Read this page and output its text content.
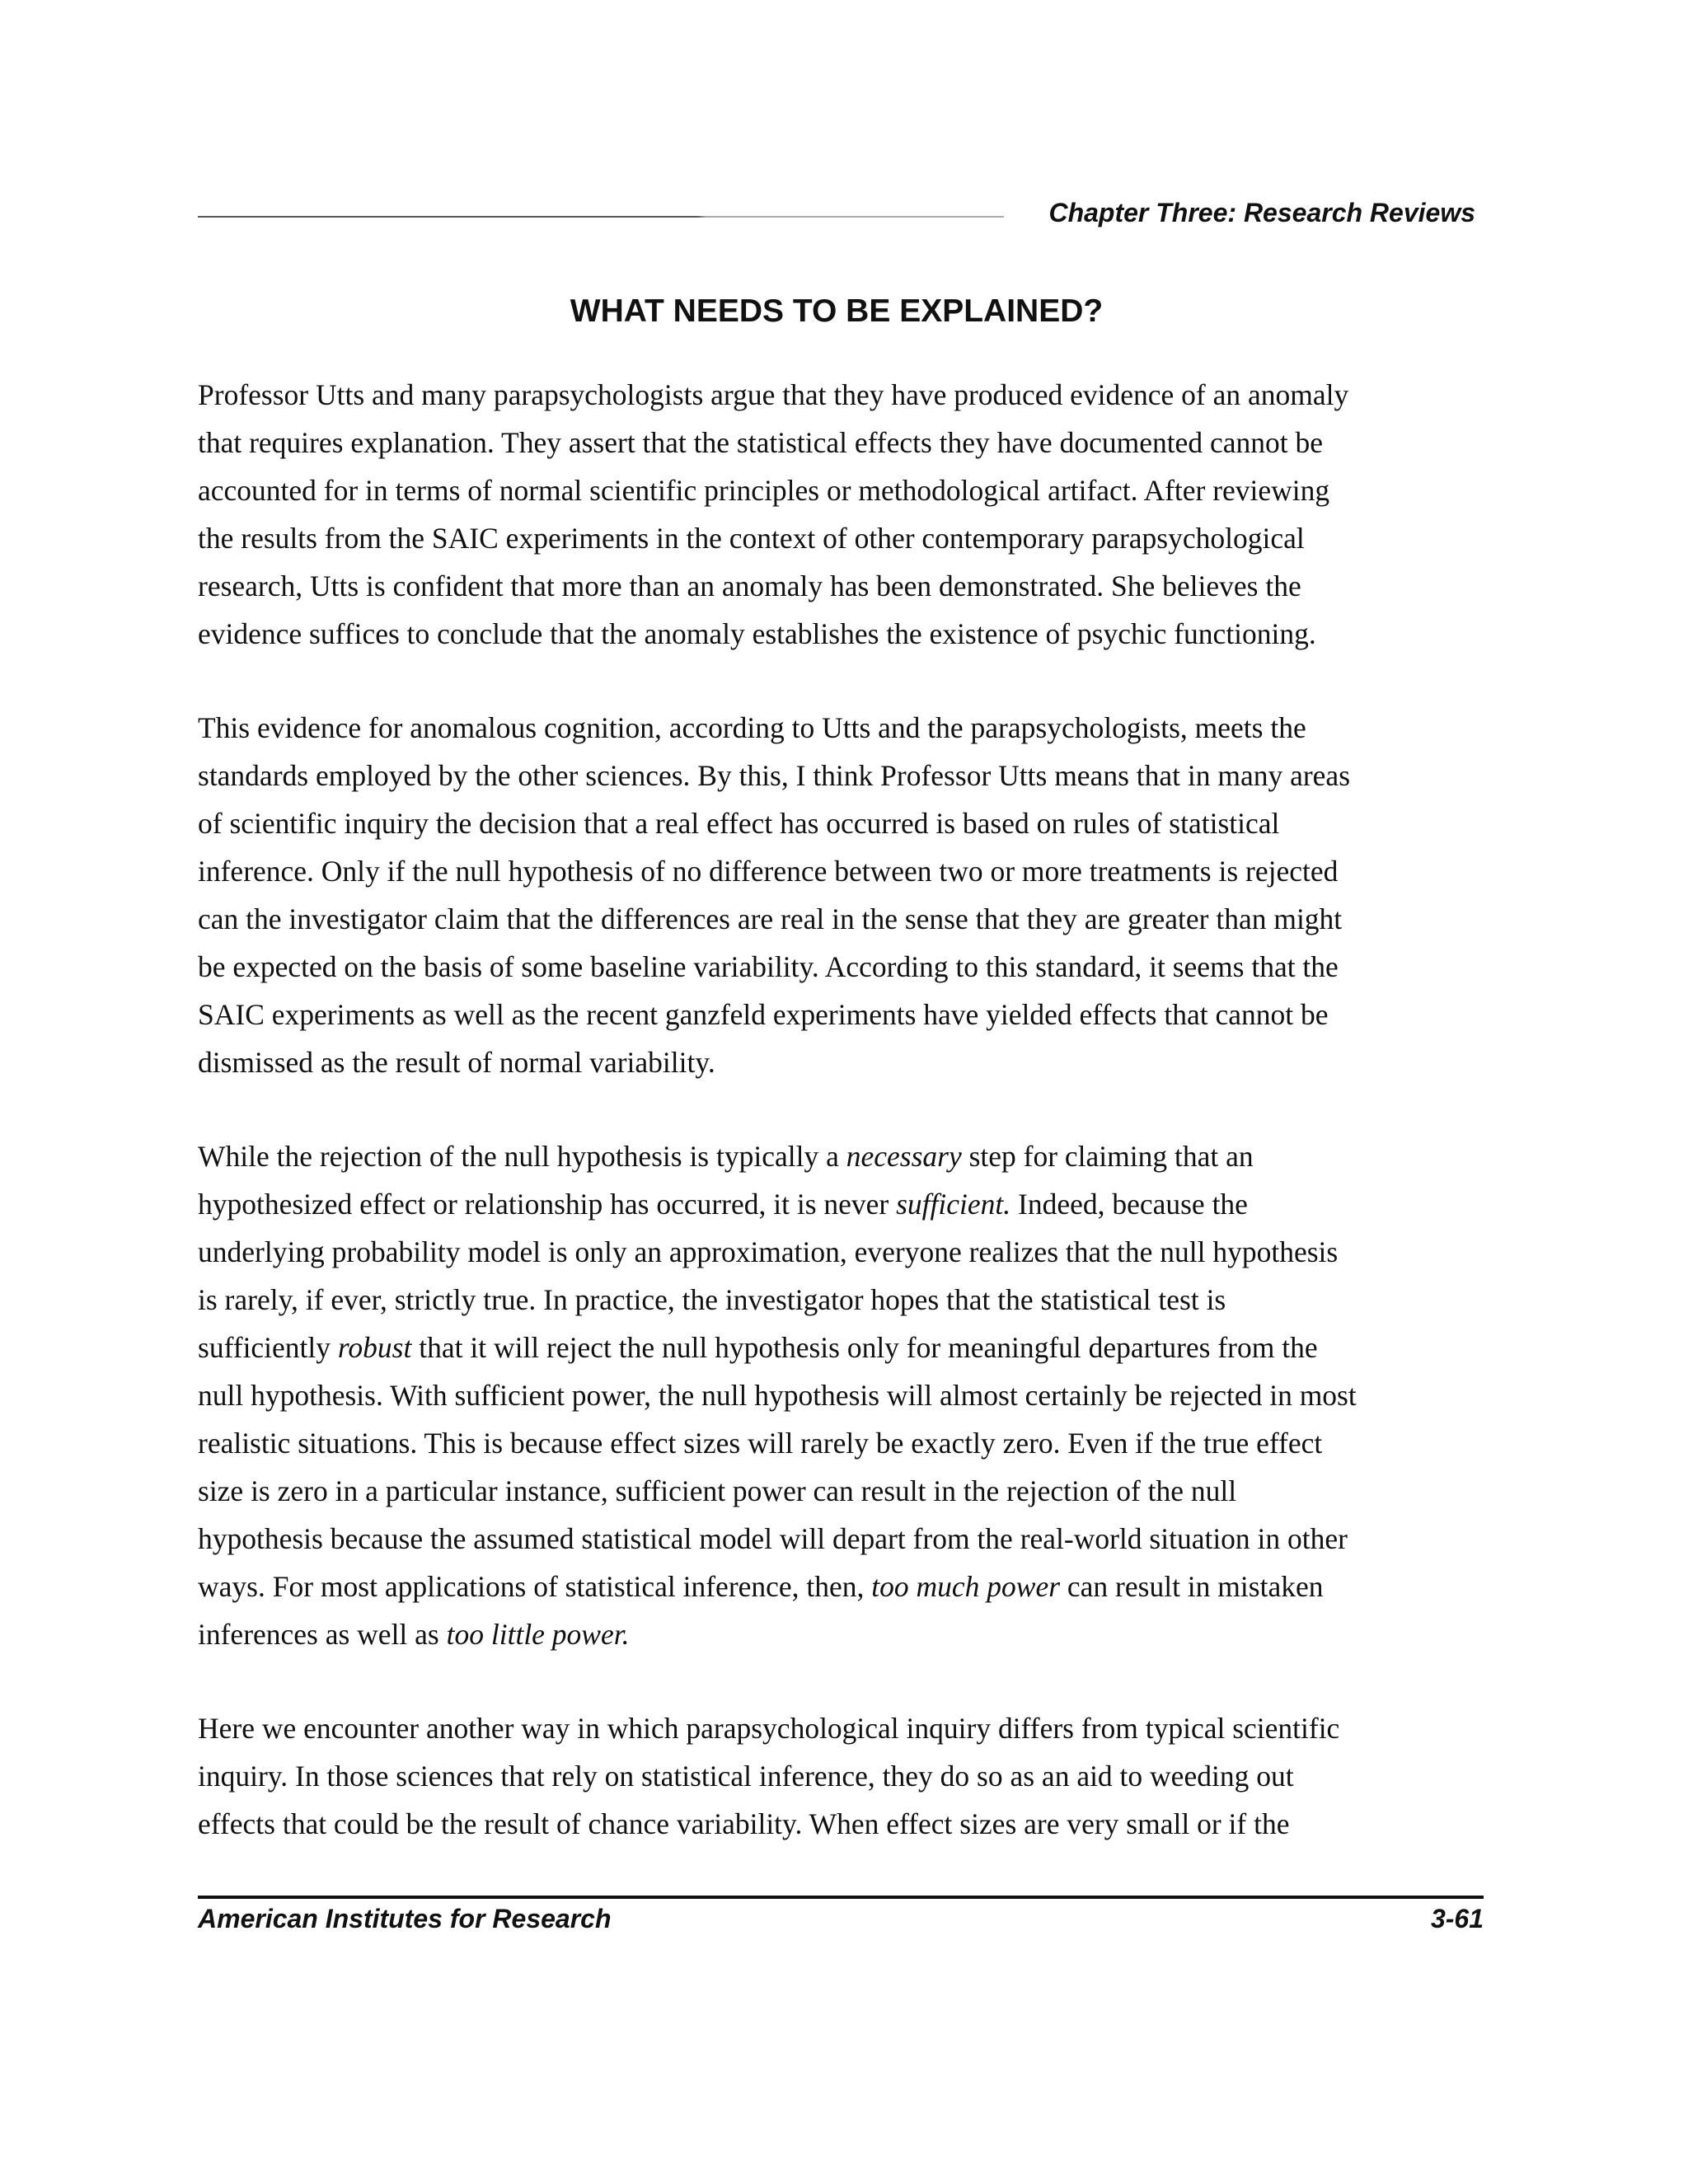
Chapter Three: Research Reviews
WHAT NEEDS TO BE EXPLAINED?

Professor Utts and many parapsychologists argue that they have produced evidence of an anomaly
that requires explanation. They assert that the statistical effects they have documented cannot be
accounted for in terms of normal scientific principles or methodological artifact. After reviewing
the results from the SAIC experiments in the context of other contemporary parapsychological
research, Utts is confident that more than an anomaly has been demonstrated. She believes the
evidence suffices to conclude that the anomaly establishes the existence of psychic functioning.

This evidence for anomalous cognition, according to Utts and the parapsychologists, meets the
standards employed by the other sciences. By this, I think Professor Utts means that in many areas
of scientific inquiry the decision that a real effect has occurred is based on rules of statistical
inference. Only if the null hypothesis of no difference between two or more treatments is rejected
can the investigator claim that the differences are real in the sense that they are greater than might
be expected on the basis of some baseline variability. According to this standard, it seems that the
SAIC experiments as well as the recent ganzfeld experiments have yielded effects that cannot be
dismissed as the result of normal variability.

While the rejection of the null hypothesis is typically a necessary step for claiming that an
hypothesized effect or relationship has occurred, it is never sufficient. Indeed, because the
underlying probability model is only an approximation, everyone realizes that the null hypothesis
is rarely, if ever, strictly true. In practice, the investigator hopes that the statistical test is
sufficiently robust that it will reject the null hypothesis only for meaningful departures from the
null hypothesis. With sufficient power, the null hypothesis will almost certainly be rejected in most
realistic situations. This is because effect sizes will rarely be exactly zero. Even if the true effect
size is zero in a particular instance, sufficient power can result in the rejection of the null
hypothesis because the assumed statistical model will depart from the real-world situation in other
ways. For most applications of statistical inference, then, too much power can result in mistaken
inferences as well as too little power.

Here we encounter another way in which parapsychological inquiry differs from typical scientific
inquiry. In those sciences that rely on statistical inference, they do so as an aid to weeding out
effects that could be the result of chance variability. When effect sizes are very small or if the

American Institutes for Research	3-61
